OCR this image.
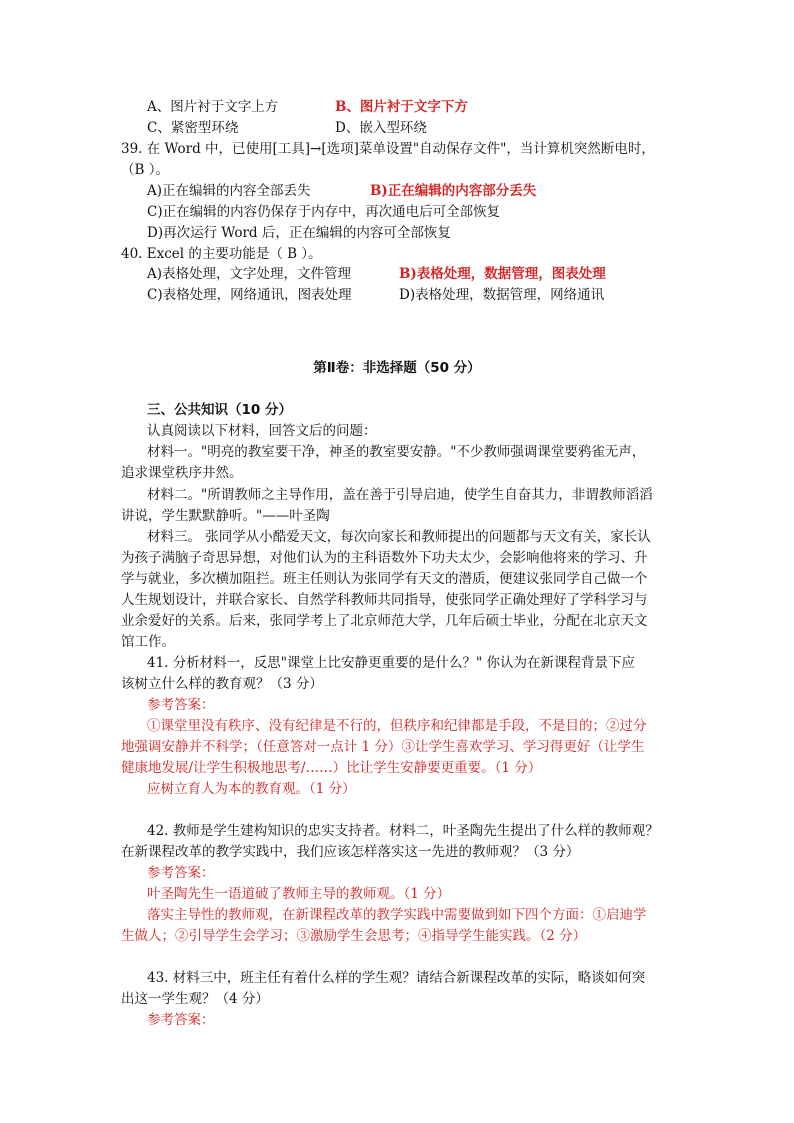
A、图片衬于文字上方	B、图片衬于文字下方
C、紧密型环绕	D、嵌入型环绕
39. 在 Word 中，已使用[工具]→[选项]菜单设置"自动保存文件"，当计算机突然断电时，
（B ）。
A)正在编辑的内容全部丢失	B)正在编辑的内容部分丢失
C)正在编辑的内容仍保存于内存中，再次通电后可全部恢复
D)再次运行 Word 后，正在编辑的内容可全部恢复
40. Excel 的主要功能是（ B ）。
A)表格处理，文字处理，文件管理	B)表格处理，数据管理，图表处理
C)表格处理，网络通讯，图表处理	D)表格处理，数据管理，网络通讯
第Ⅱ卷：非选择题（50 分）
三、公共知识（10 分）
认真阅读以下材料，回答文后的问题：
材料一。"明亮的教室要干净，神圣的教室要安静。"不少教师强调课堂要鸦雀无声，
追求课堂秩序井然。
材料二。"所谓教师之主导作用，盖在善于引导启迪，使学生自奋其力，非谓教师滔滔
讲说，学生默默静听。"——叶圣陶
材料三。 张同学从小酷爱天文，每次向家长和教师提出的问题都与天文有关，家长认
为孩子满脑子奇思异想，对他们认为的主科语数外下功夫太少，会影响他将来的学习、升
学与就业，多次横加阻拦。班主任则认为张同学有天文的潜质，便建议张同学自己做一个
人生规划设计，并联合家长、自然学科教师共同指导，使张同学正确处理好了学科学习与
业余爱好的关系。后来，张同学考上了北京师范大学，几年后硕士毕业，分配在北京天文
馆工作。
41. 分析材料一，反思"课堂上比安静更重要的是什么？" 你认为在新课程背景下应
该树立什么样的教育观？（3 分）
参考答案：
①课堂里没有秩序、没有纪律是不行的，但秩序和纪律都是手段，不是目的；②过分
地强调安静并不科学；（任意答对一点计 1 分）③让学生喜欢学习、学习得更好（让学生
健康地发展/让学生积极地思考/……）比让学生安静要更重要。（1 分）
应树立育人为本的教育观。（1 分）
42. 教师是学生建构知识的忠实支持者。材料二，叶圣陶先生提出了什么样的教师观？
在新课程改革的教学实践中，我们应该怎样落实这一先进的教师观？（3 分）
参考答案：
叶圣陶先生一语道破了教师主导的教师观。（1 分）
落实主导性的教师观，在新课程改革的教学实践中需要做到如下四个方面：①启迪学
生做人；②引导学生会学习；③激励学生会思考；④指导学生能实践。（2 分）
43. 材料三中，班主任有着什么样的学生观？请结合新课程改革的实际，略谈如何突
出这一学生观？（4 分）
参考答案：
